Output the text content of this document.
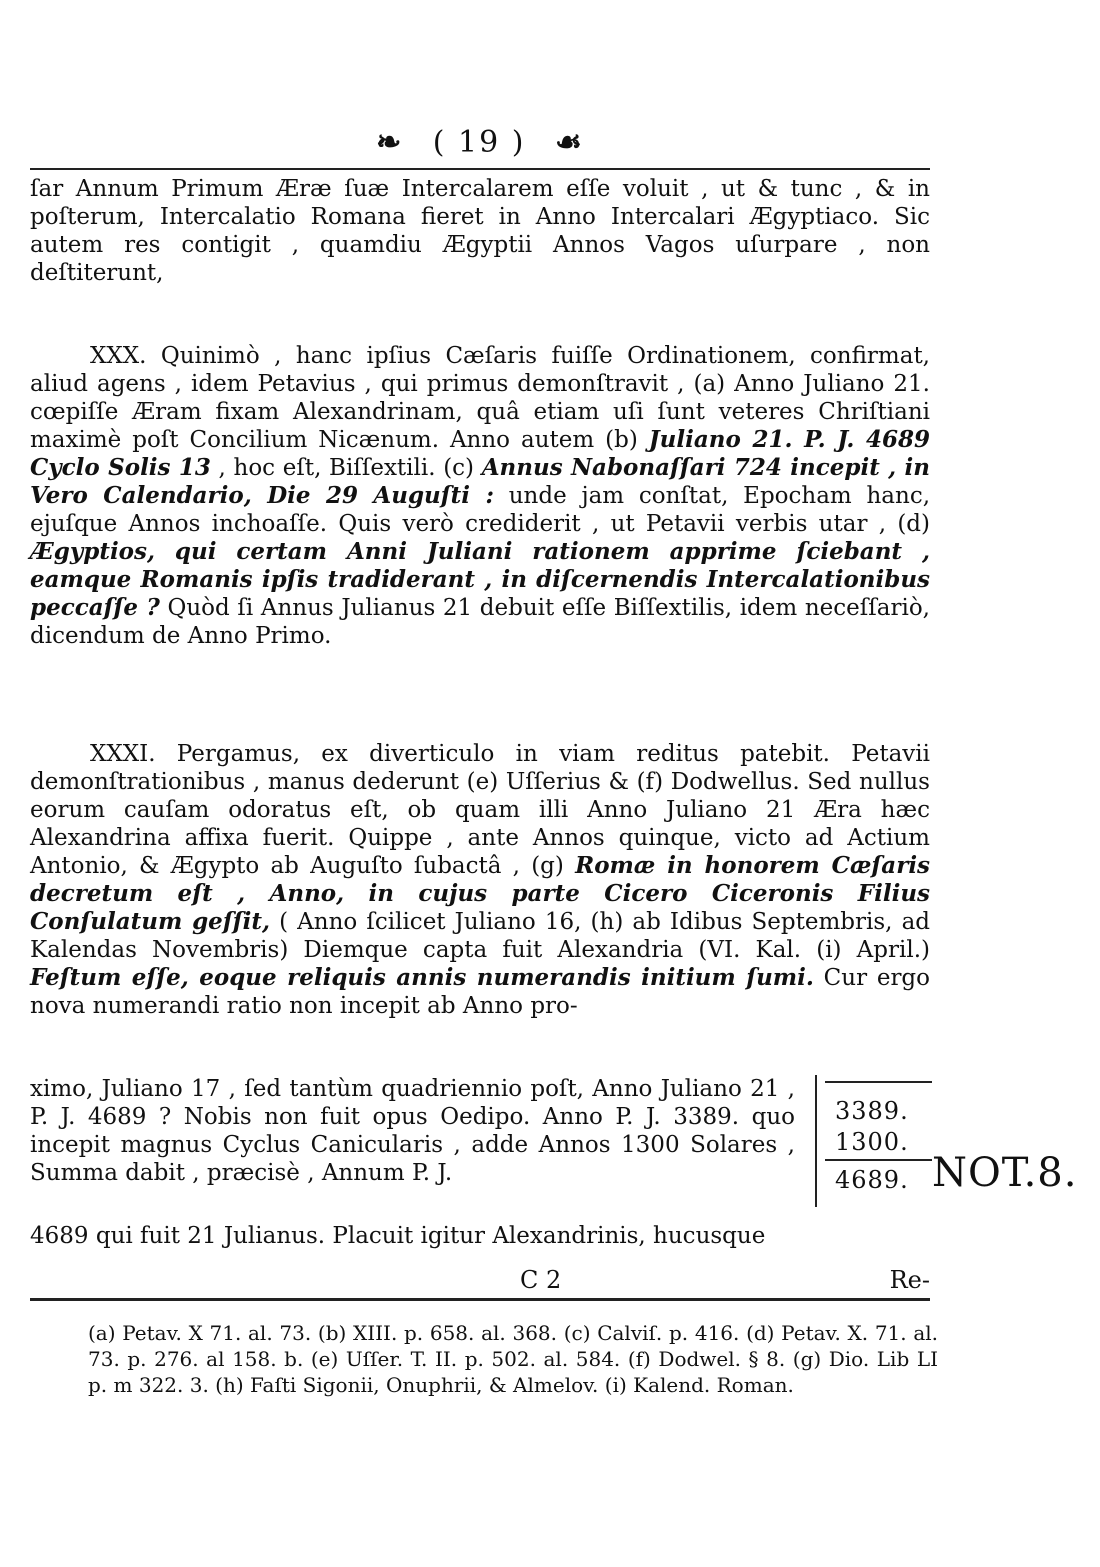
❧ ( 19 ) ☙
ſar Annum Primum Æræ ſuæ Intercalarem eſſe voluit , ut & tunc , & in poſterum, Intercalatio Romana fieret in Anno Intercalari Ægyptiaco. Sic autem res contigit , quamdiu Ægyptii Annos Vagos uſurpare , non deſtiterunt,
XXX. Quinimò , hanc ipſius Cæſaris fuiſſe Ordinationem, confirmat, aliud agens , idem Petavius , qui primus demonſtravit , (a) Anno Juliano 21. cœpiſſe Æram fixam Alexandrinam, quâ etiam uſi ſunt veteres Chriſtiani maximè poſt Concilium Nicænum. Anno autem (b) Juliano 21. P. J. 4689 Cyclo Solis 13 , hoc eſt, Biſſextili. (c) Annus Nabonaſſari 724 incepit , in Vero Calendario, Die 29 Auguſti : unde jam conſtat, Epocham hanc, ejuſque Annos inchoaſſe. Quis verò crediderit , ut Petavii verbis utar , (d) Ægyptios, qui certam Anni Juliani rationem apprime ſciebant , eamque Romanis ipſis tradiderant , in diſcernendis Intercalationibus peccaſſe ? Quòd ſi Annus Julianus 21 debuit eſſe Biſſextilis, idem neceſſariò, dicendum de Anno Primo.
XXXI. Pergamus, ex diverticulo in viam reditus patebit. Petavii demonſtrationibus , manus dederunt (e) Uſſerius & (f) Dodwellus. Sed nullus eorum cauſam odoratus eſt, ob quam illi Anno Juliano 21 Æra hæc Alexandrina affixa fuerit. Quippe , ante Annos quinque, victo ad Actium Antonio, & Ægypto ab Auguſto ſubactâ , (g) Romæ in honorem Cæſaris decretum eſt , Anno, in cujus parte Cicero Ciceronis Filius Conſulatum geſſit, ( Anno ſcilicet Juliano 16, (h) ab Idibus Septembris, ad Kalendas Novembris) Diemque capta fuit Alexandria (VI. Kal. (i) April.) Feſtum eſſe, eoque reliquis annis numerandis initium ſumi. Cur ergo nova numerandi ratio non incepit ab Anno pro-
ximo, Juliano 17 , ſed tantùm quadriennio poſt, Anno Juliano 21 , P. J. 4689 ? Nobis non fuit opus Oedipo. Anno P. J. 3389. quo incepit magnus Cyclus Canicularis , adde Annos 1300 Solares , Summa dabit , præcisè , Annum P. J.
3389.
1300.
4689. NOT.8.
4689 qui fuit 21 Julianus. Placuit igitur Alexandrinis, hucusque
C 2	Re-
(a) Petav. X 71. al. 73. (b) XIII. p. 658. al. 368. (c) Calviſ. p. 416. (d) Petav. X. 71. al. 73. p. 276. al 158. b. (e) Uſſer. T. II. p. 502. al. 584. (f) Dodwel. § 8. (g) Dio. Lib LI p. m 322. 3. (h) Faſti Sigonii, Onuphrii, & Almelov. (i) Kalend. Roman.
